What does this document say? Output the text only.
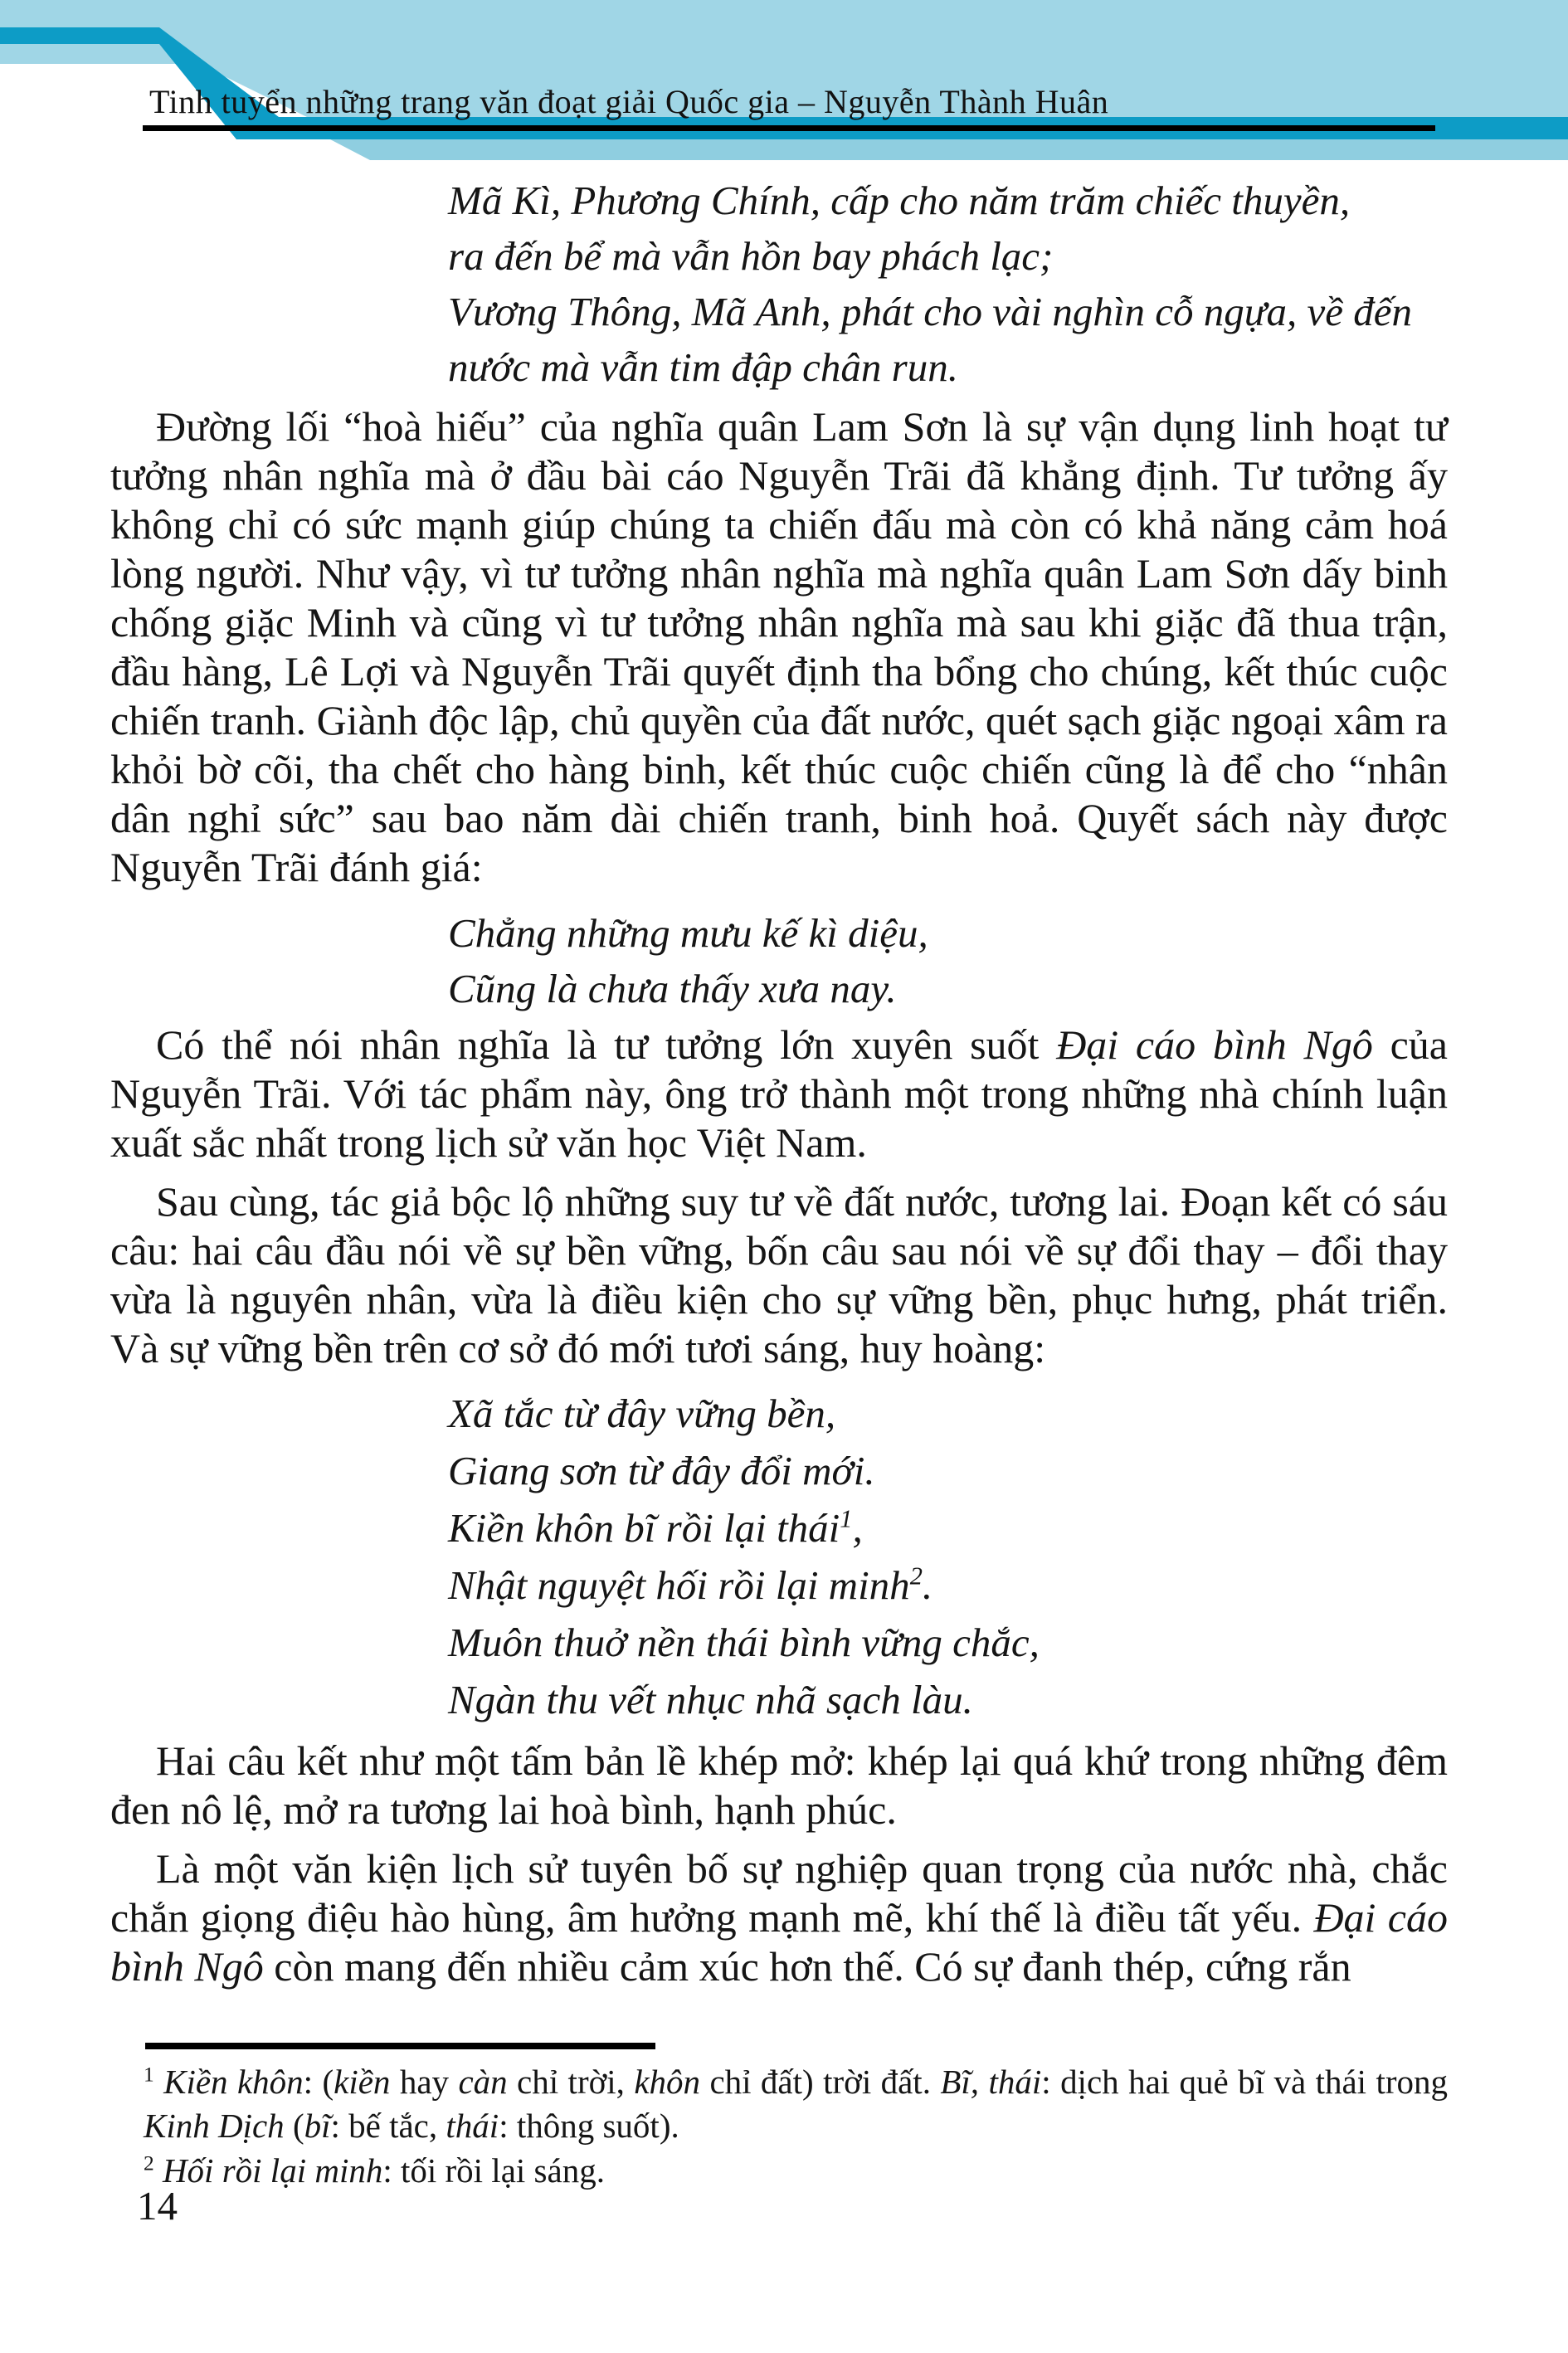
Tinh tuyển những trang văn đoạt giải Quốc gia – Nguyễn Thành Huân
Mã Kì, Phương Chính, cấp cho năm trăm chiếc thuyền,
ra đến bể mà vẫn hồn bay phách lạc;
Vương Thông, Mã Anh, phát cho vài nghìn cỗ ngựa, về đến
nước mà vẫn tim đập chân run.
Đường lối “hoà hiếu” của nghĩa quân Lam Sơn là sự vận dụng linh hoạt tư tưởng nhân nghĩa mà ở đầu bài cáo Nguyễn Trãi đã khẳng định. Tư tưởng ấy không chỉ có sức mạnh giúp chúng ta chiến đấu mà còn có khả năng cảm hoá lòng người. Như vậy, vì tư tưởng nhân nghĩa mà nghĩa quân Lam Sơn dấy binh chống giặc Minh và cũng vì tư tưởng nhân nghĩa mà sau khi giặc đã thua trận, đầu hàng, Lê Lợi và Nguyễn Trãi quyết định tha bổng cho chúng, kết thúc cuộc chiến tranh. Giành độc lập, chủ quyền của đất nước, quét sạch giặc ngoại xâm ra khỏi bờ cõi, tha chết cho hàng binh, kết thúc cuộc chiến cũng là để cho “nhân dân nghỉ sức” sau bao năm dài chiến tranh, binh hoả. Quyết sách này được Nguyễn Trãi đánh giá:
Chẳng những mưu kế kì diệu,
Cũng là chưa thấy xưa nay.
Có thể nói nhân nghĩa là tư tưởng lớn xuyên suốt Đại cáo bình Ngô của Nguyễn Trãi. Với tác phẩm này, ông trở thành một trong những nhà chính luận xuất sắc nhất trong lịch sử văn học Việt Nam.
Sau cùng, tác giả bộc lộ những suy tư về đất nước, tương lai. Đoạn kết có sáu câu: hai câu đầu nói về sự bền vững, bốn câu sau nói về sự đổi thay – đổi thay vừa là nguyên nhân, vừa là điều kiện cho sự vững bền, phục hưng, phát triển. Và sự vững bền trên cơ sở đó mới tươi sáng, huy hoàng:
Xã tắc từ đây vững bền,
Giang sơn từ đây đổi mới.
Kiền khôn bĩ rồi lại thái$^1$,
Nhật nguyệt hối rồi lại minh$^2$.
Muôn thuở nền thái bình vững chắc,
Ngàn thu vết nhục nhã sạch làu.
Hai câu kết như một tấm bản lề khép mở: khép lại quá khứ trong những đêm đen nô lệ, mở ra tương lai hoà bình, hạnh phúc.
Là một văn kiện lịch sử tuyên bố sự nghiệp quan trọng của nước nhà, chắc chắn giọng điệu hào hùng, âm hưởng mạnh mẽ, khí thế là điều tất yếu. Đại cáo bình Ngô còn mang đến nhiều cảm xúc hơn thế. Có sự đanh thép, cứng rắn
$^1$ Kiền khôn: (kiền hay càn chỉ trời, khôn chỉ đất) trời đất. Bĩ, thái: dịch hai quẻ bĩ và thái trong Kinh Dịch (bĩ: bế tắc, thái: thông suốt).
$^2$ Hối rồi lại minh: tối rồi lại sáng.
14
